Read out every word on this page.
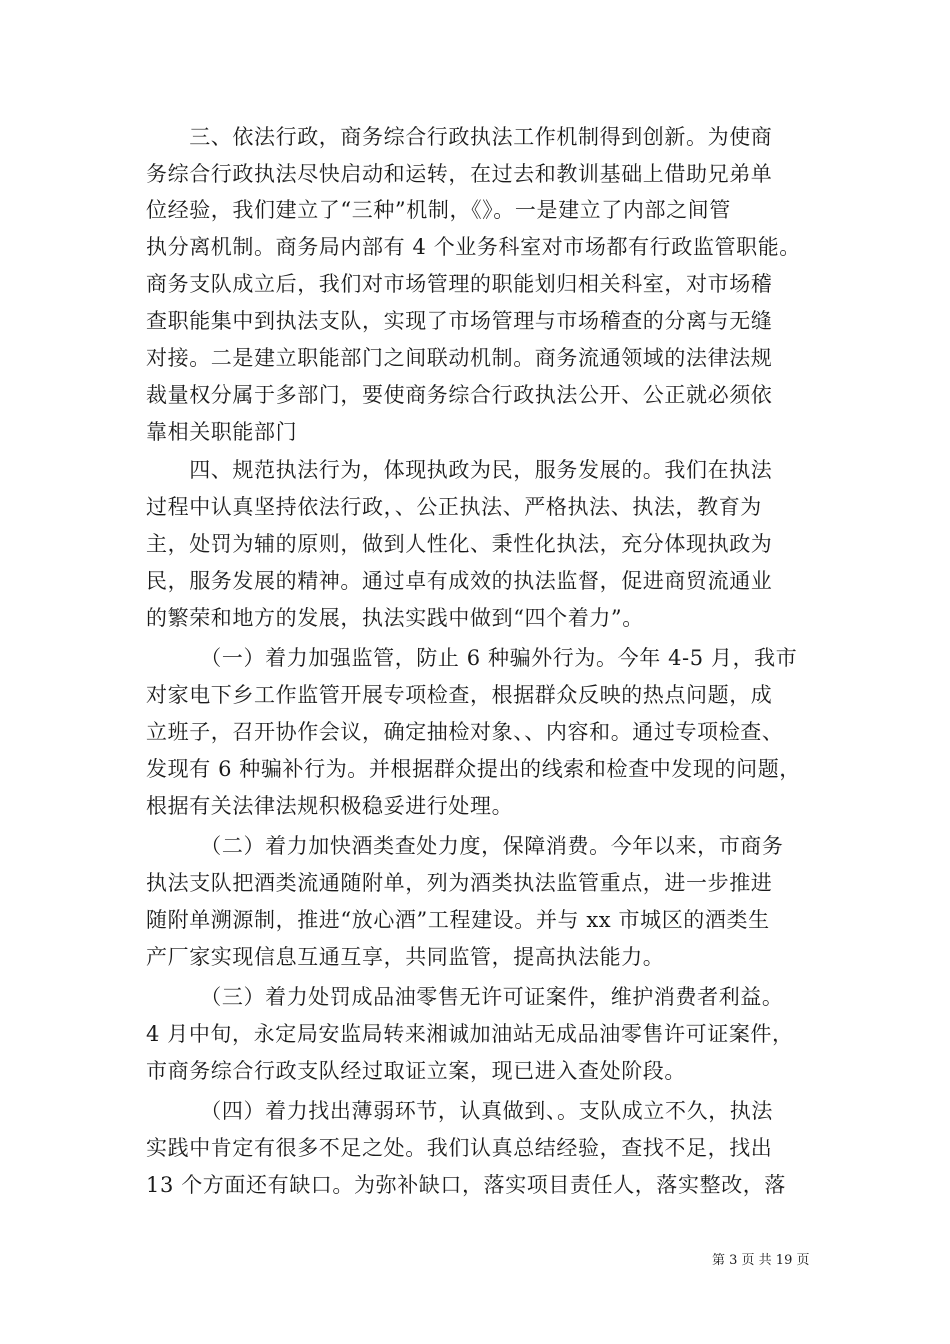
　　三、依法行政，商务综合行政执法工作机制得到创新。为使商
务综合行政执法尽快启动和运转，在过去和教训基础上借助兄弟单
位经验，我们建立了“三种”机制，《》。一是建立了内部之间管
执分离机制。商务局内部有 4 个业务科室对市场都有行政监管职能。
商务支队成立后，我们对市场管理的职能划归相关科室，对市场稽
查职能集中到执法支队，实现了市场管理与市场稽查的分离与无缝
对接。二是建立职能部门之间联动机制。商务流通领域的法律法规
裁量权分属于多部门，要使商务综合行政执法公开、公正就必须依
靠相关职能部门
　　四、规范执法行为，体现执政为民，服务发展的。我们在执法
过程中认真坚持依法行政，、公正执法、严格执法、执法，教育为
主，处罚为辅的原则，做到人性化、秉性化执法，充分体现执政为
民，服务发展的精神。通过卓有成效的执法监督，促进商贸流通业
的繁荣和地方的发展，执法实践中做到“四个着力”。
　　　（一）着力加强监管，防止 6 种骗外行为。今年 4-5 月，我市
对家电下乡工作监管开展专项检查，根据群众反映的热点问题，成
立班子，召开协作会议，确定抽检对象、、内容和。通过专项检查、
发现有 6 种骗补行为。并根据群众提出的线索和检查中发现的问题，
根据有关法律法规积极稳妥进行处理。
　　　（二）着力加快酒类查处力度，保障消费。今年以来，市商务
执法支队把酒类流通随附单，列为酒类执法监管重点，进一步推进
随附单溯源制，推进“放心酒”工程建设。并与 xx 市城区的酒类生
产厂家实现信息互通互享，共同监管，提高执法能力。
　　　（三）着力处罚成品油零售无许可证案件，维护消费者利益。
4 月中旬，永定局安监局转来湘诚加油站无成品油零售许可证案件，
市商务综合行政支队经过取证立案，现已进入查处阶段。
　　　（四）着力找出薄弱环节，认真做到、。支队成立不久，执法
实践中肯定有很多不足之处。我们认真总结经验，查找不足，找出
13 个方面还有缺口。为弥补缺口，落实项目责任人，落实整改，落
第 3 页 共 19 页
